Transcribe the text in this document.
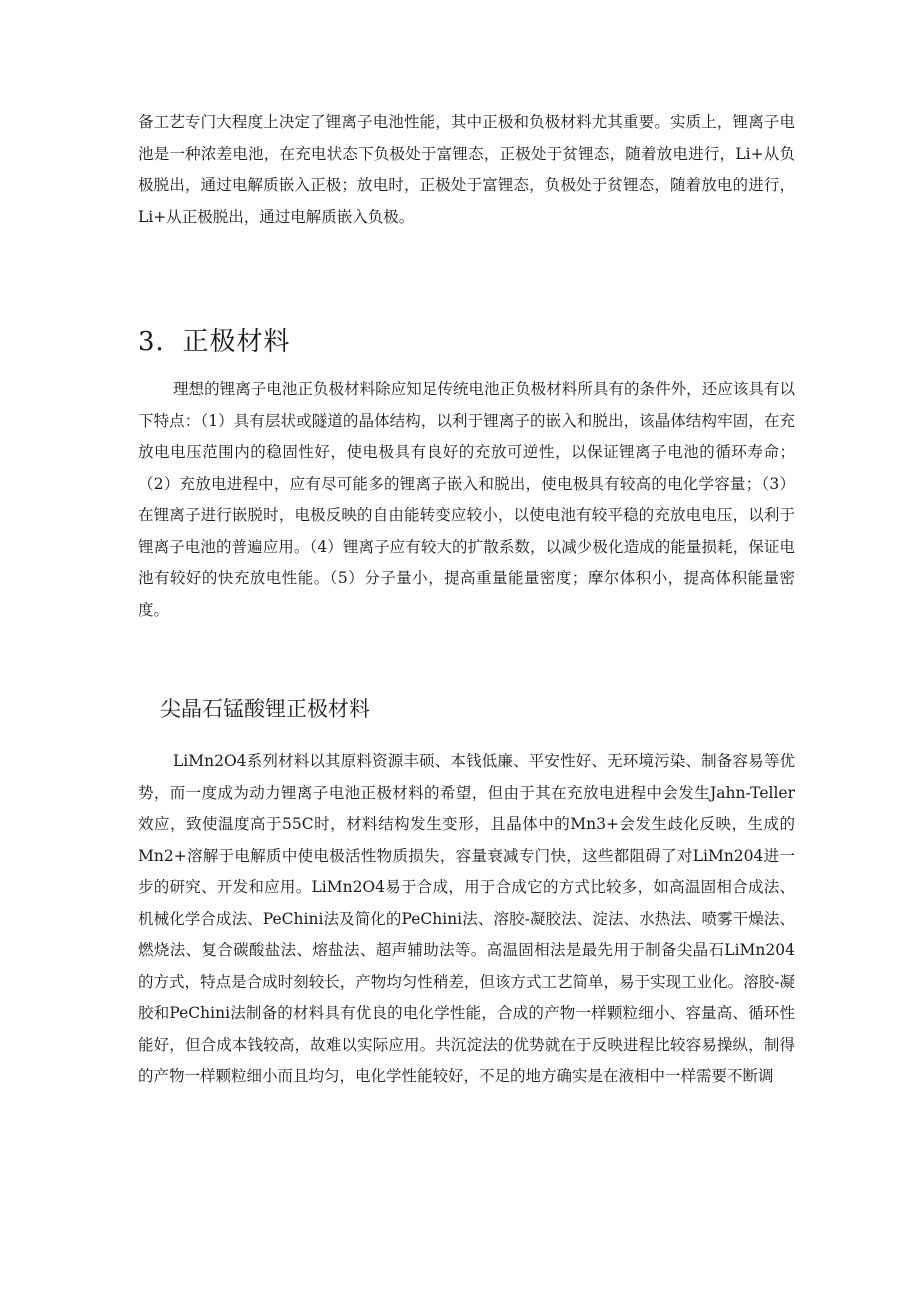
备工艺专门大程度上决定了锂离子电池性能，其中正极和负极材料尤其重要。实质上，锂离子电池是一种浓差电池，在充电状态下负极处于富锂态，正极处于贫锂态，随着放电进行，Li+从负极脱出，通过电解质嵌入正极；放电时，正极处于富锂态，负极处于贫锂态，随着放电的进行，Li+从正极脱出，通过电解质嵌入负极。

3．正极材料

理想的锂离子电池正负极材料除应知足传统电池正负极材料所具有的条件外，还应该具有以下特点：（1）具有层状或隧道的晶体结构，以利于锂离子的嵌入和脱出，该晶体结构牢固，在充放电电压范围内的稳固性好，使电极具有良好的充放可逆性，以保证锂离子电池的循环寿命；（2）充放电进程中，应有尽可能多的锂离子嵌入和脱出，使电极具有较高的电化学容量；（3）在锂离子进行嵌脱时，电极反映的自由能转变应较小，以使电池有较平稳的充放电电压，以利于锂离子电池的普遍应用。（4）锂离子应有较大的扩散系数，以减少极化造成的能量损耗，保证电池有较好的快充放电性能。（5）分子量小，提高重量能量密度；摩尔体积小，提高体积能量密度。

尖晶石锰酸锂正极材料

LiMn2O4系列材料以其原料资源丰硕、本钱低廉、平安性好、无环境污染、制备容易等优势，而一度成为动力锂离子电池正极材料的希望，但由于其在充放电进程中会发生Jahn-Teller效应，致使温度高于55C时，材料结构发生变形，且晶体中的Mn3+会发生歧化反映，生成的Mn2+溶解于电解质中使电极活性物质损失，容量衰减专门快，这些都阻碍了对LiMn204进一步的研究、开发和应用。LiMn2O4易于合成，用于合成它的方式比较多，如高温固相合成法、机械化学合成法、PeChini法及简化的PeChini法、溶胶-凝胶法、淀法、水热法、喷雾干燥法、燃烧法、复合碳酸盐法、熔盐法、超声辅助法等。高温固相法是最先用于制备尖晶石LiMn204的方式，特点是合成时刻较长，产物均匀性稍差，但该方式工艺简单，易于实现工业化。溶胶-凝胶和PeChini法制备的材料具有优良的电化学性能，合成的产物一样颗粒细小、容量高、循环性能好，但合成本钱较高，故难以实际应用。共沉淀法的优势就在于反映进程比较容易操纵，制得的产物一样颗粒细小而且均匀，电化学性能较好，不足的地方确实是在液相中一样需要不断调
